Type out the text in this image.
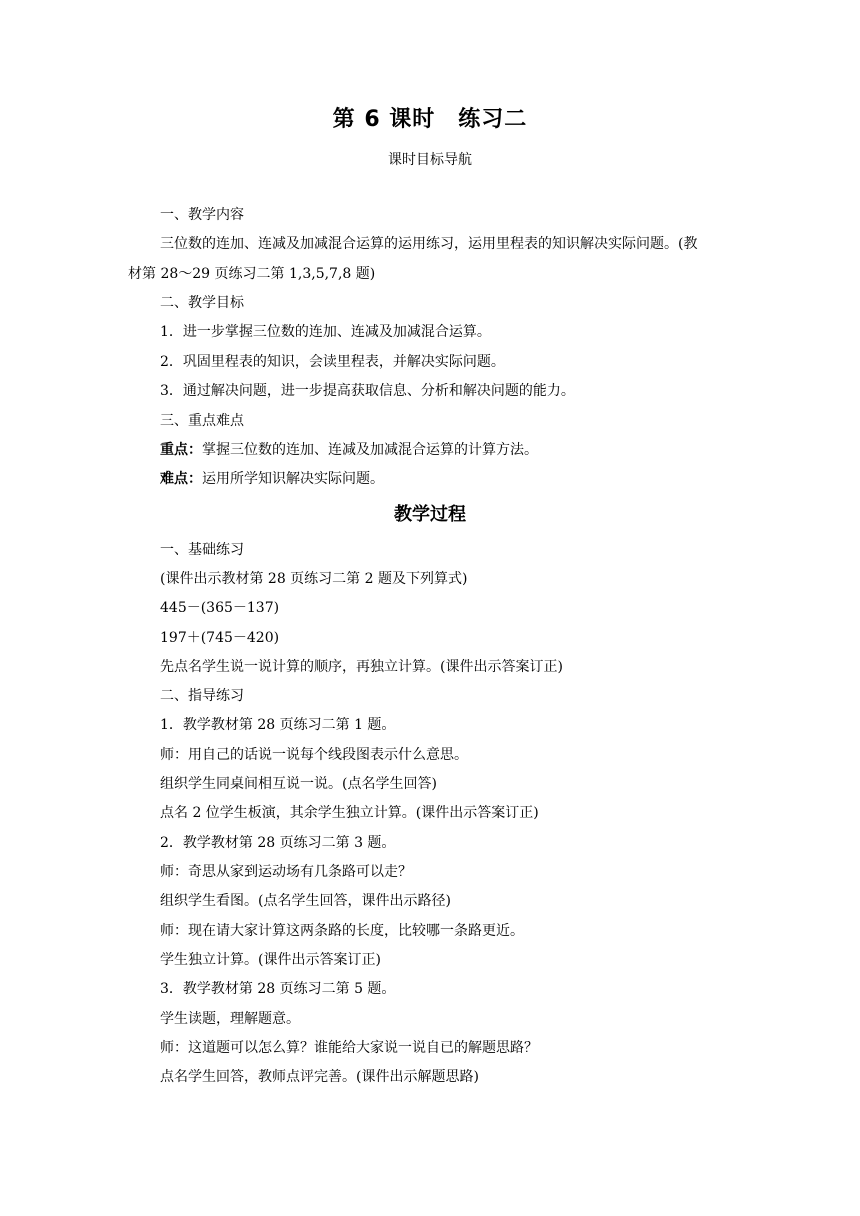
第 6 课时　练习二
课时目标导航
一、教学内容
三位数的连加、连减及加减混合运算的运用练习，运用里程表的知识解决实际问题。(教
材第 28～29 页练习二第 1,3,5,7,8 题)
二、教学目标
1．进一步掌握三位数的连加、连减及加减混合运算。
2．巩固里程表的知识，会读里程表，并解决实际问题。
3．通过解决问题，进一步提高获取信息、分析和解决问题的能力。
三、重点难点
重点：掌握三位数的连加、连减及加减混合运算的计算方法。
难点：运用所学知识解决实际问题。
教学过程
一、基础练习
(课件出示教材第 28 页练习二第 2 题及下列算式)
445－(365－137)
197＋(745－420)
先点名学生说一说计算的顺序，再独立计算。(课件出示答案订正)
二、指导练习
1．教学教材第 28 页练习二第 1 题。
师：用自己的话说一说每个线段图表示什么意思。
组织学生同桌间相互说一说。(点名学生回答)
点名 2 位学生板演，其余学生独立计算。(课件出示答案订正)
2．教学教材第 28 页练习二第 3 题。
师：奇思从家到运动场有几条路可以走？
组织学生看图。(点名学生回答，课件出示路径)
师：现在请大家计算这两条路的长度，比较哪一条路更近。
学生独立计算。(课件出示答案订正)
3．教学教材第 28 页练习二第 5 题。
学生读题，理解题意。
师：这道题可以怎么算？谁能给大家说一说自已的解题思路？
点名学生回答，教师点评完善。(课件出示解题思路)
